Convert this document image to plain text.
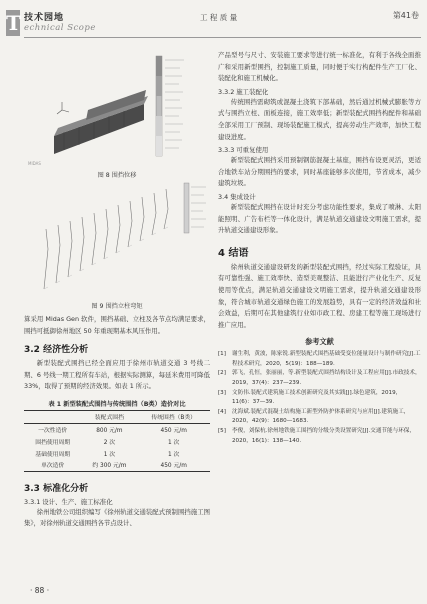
T 技术园地
echnical Scope
工 程 质 量	第41卷
MIDAS
图 8 围挡位移
图 9 围挡立柱弯矩
算采用 Midas Gen 软件，围挡基础、立柱及各节点均满足要求，围挡可抵御徐州地区 50 年重现期基本风压作用。
3.2 经济性分析
新型装配式围挡已经全面应用于徐州市轨道交通 3 号线二期、6 号线一期工程所有车站，根据实际测算，每延米费用可降低 33%，取得了预期的经济效果。如表 1 所示。
表 1 新型装配式围挡与传统围挡（B类）造价对比
	装配式围挡	传统围挡（B类）
一次性造价	800 元/m	450 元/m
围挡使用周期	2 次	1 次
基础使用周期	1 次	1 次
单次造价	约 300 元/m	450 元/m
3.3 标准化分析
3.3.1 设计、生产、施工标准化
徐州地铁公司组织编写《徐州轨道交通装配式预制围挡施工图集》，对徐州轨道交通围挡各节点设计、
产品型号与尺寸、安装施工要求等进行统一标准化，有利于各线全面推广和采用新型围挡，控制施工质量，同时便于实行构配件生产工厂化、装配化和施工机械化。
3.3.2 施工装配化
传统围挡需砌筑或混凝土浇筑下部基础，然后通过机械式膨胀等方式与围挡立柱、面板连接，施工效率低；新型装配式围挡构配件和基础全部采用工厂预制、现场装配施工模式，提高劳动生产效率，加快工程建设进度。
3.3.3 可重复使用
新型装配式围挡采用预制钢筋混凝土基座，围挡布设更灵活，更适合地铁车站分期围挡的要求，同时基座能够多次使用，节省成本，减少建筑垃圾。
3.4 集成设计
新型装配式围挡在设计时充分考虑功能性要求，集成了喷淋、太阳能照明、广告布栏等一体化设计，满足轨道交通建设文明施工需求，提升轨道交通建设形象。
4 结语
徐州轨道交通建设研发的新型装配式围挡，经过实际工程验证，具有可靠性强、施工效率快、造型美观整洁、且能进行产业化生产、反复使用等优点，满足轨道交通建设文明施工需求，提升轨道交通建设形象，符合城市轨道交通绿色施工的发展趋势，具有一定的经济效益和社会效益，后期可在其他建筑行业如市政工程、房建工程等施工现场进行推广应用。
参考文献
[1]	谢生利，黄波，陈家锐.新型装配式围挡基础受变位能量设计与制作研究[J].工程技术研究，2020，5(19)：188—189.
[2]	郭飞，孔恒，张丽丽，等.新型装配式围挡结构设计及工程应用[J].市政技术，2019，37(4)：237—239.
[3]	文防伟.装配式建筑施工技术创新研究及其实践[J].绿色建筑，2019，11(6)：37—39.
[4]	沈海斌.装配式混凝土结构施工新型外防护体系研究与应用[J].建筑施工，2020，42(9)：1680—1683.
[5]	李俊，刘保杭.徐州地铁施工围挡的分级分类设置研究[J].交通节能与环保，2020，16(1)：138—140.
· 88 ·
